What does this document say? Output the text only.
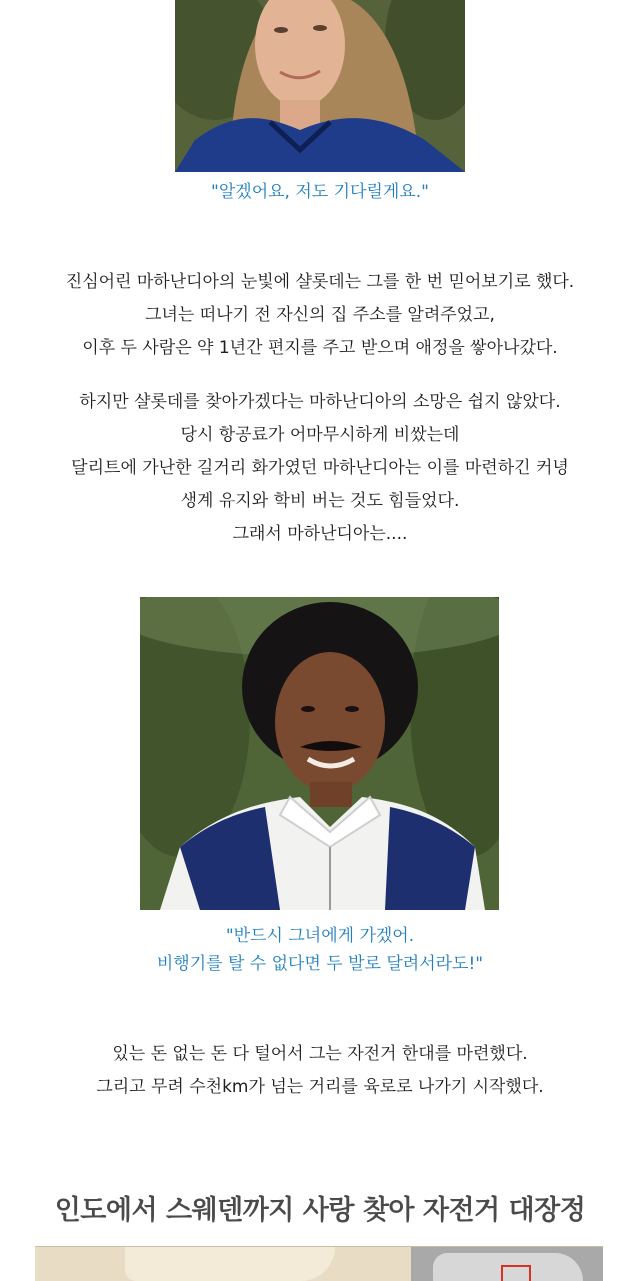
"알겠어요, 저도 기다릴게요."
진심어린 마하난디아의 눈빛에 샬롯데는 그를 한 번 믿어보기로 했다.
그녀는 떠나기 전 자신의 집 주소를 알려주었고,
이후 두 사람은 약 1년간 편지를 주고 받으며 애정을 쌓아나갔다.
하지만 샬롯데를 찾아가겠다는 마하난디아의 소망은 쉽지 않았다.
당시 항공료가 어마무시하게 비쌌는데
달리트에 가난한 길거리 화가였던 마하난디아는 이를 마련하긴 커녕
생계 유지와 학비 버는 것도 힘들었다.
그래서 마하난디아는....
"반드시 그녀에게 가겠어.
비행기를 탈 수 없다면 두 발로 달려서라도!"
있는 돈 없는 돈 다 털어서 그는 자전거 한대를 마련했다.
그리고 무려 수천km가 넘는 거리를 육로로 나가기 시작했다.
인도에서 스웨덴까지 사랑 찾아 자전거 대장정
